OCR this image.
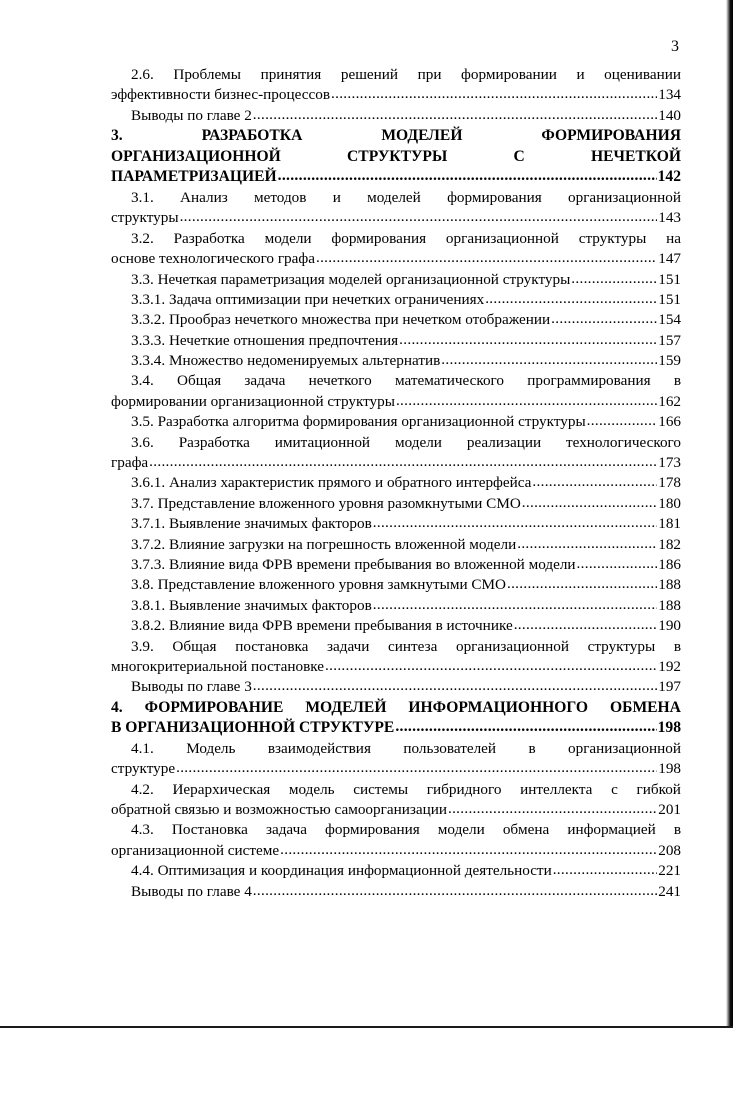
3
2.6. Проблемы принятия решений при формировании и оценивании
эффективности бизнес-процессов .....	134
Выводы по главе 2 .....	140
3.	РАЗРАБОТКА	МОДЕЛЕЙ	ФОРМИРОВАНИЯ
ОРГАНИЗАЦИОННОЙ	СТРУКТУРЫ	С	НЕЧЕТКОЙ
ПАРАМЕТРИЗАЦИЕЙ .....	142
3.1. Анализ методов и моделей формирования организационной
структуры .....	143
3.2. Разработка модели формирования организационной структуры на
основе технологического графа .....	147
3.3. Нечеткая параметризация моделей организационной структуры .....	151
3.3.1. Задача оптимизации при нечетких ограничениях .....	151
3.3.2. Прообраз нечеткого множества при нечетком отображении .....	154
3.3.3. Нечеткие отношения предпочтения .....	157
3.3.4. Множество недоменируемых альтернатив .....	159
3.4. Общая задача нечеткого математического программирования в
формировании организационной структуры .....	162
3.5. Разработка алгоритма формирования организационной структуры .....	166
3.6. Разработка имитационной модели реализации технологического
графа .....	173
3.6.1. Анализ характеристик прямого и обратного интерфейса .....	178
3.7. Представление вложенного уровня разомкнутыми СМО .....	180
3.7.1. Выявление значимых факторов .....	181
3.7.2. Влияние загрузки на погрешность вложенной модели .....	182
3.7.3. Влияние вида ФРВ времени пребывания во вложенной модели .....	186
3.8. Представление вложенного уровня замкнутыми СМО .....	188
3.8.1. Выявление значимых факторов .....	188
3.8.2. Влияние вида ФРВ времени пребывания в источнике .....	190
3.9. Общая постановка задачи синтеза организационной структуры в
многокритериальной постановке .....	192
Выводы по главе 3 .....	197
4. ФОРМИРОВАНИЕ МОДЕЛЕЙ ИНФОРМАЦИОННОГО ОБМЕНА
В ОРГАНИЗАЦИОННОЙ СТРУКТУРЕ .....	198
4.1. Модель взаимодействия пользователей в организационной
структуре .....	198
4.2. Иерархическая модель системы гибридного интеллекта с гибкой
обратной связью и возможностью самоорганизации .....	201
4.3. Постановка задача формирования модели обмена информацией в
организационной системе .....	208
4.4. Оптимизация и координация информационной деятельности .....	221
Выводы по главе 4 .....	241
